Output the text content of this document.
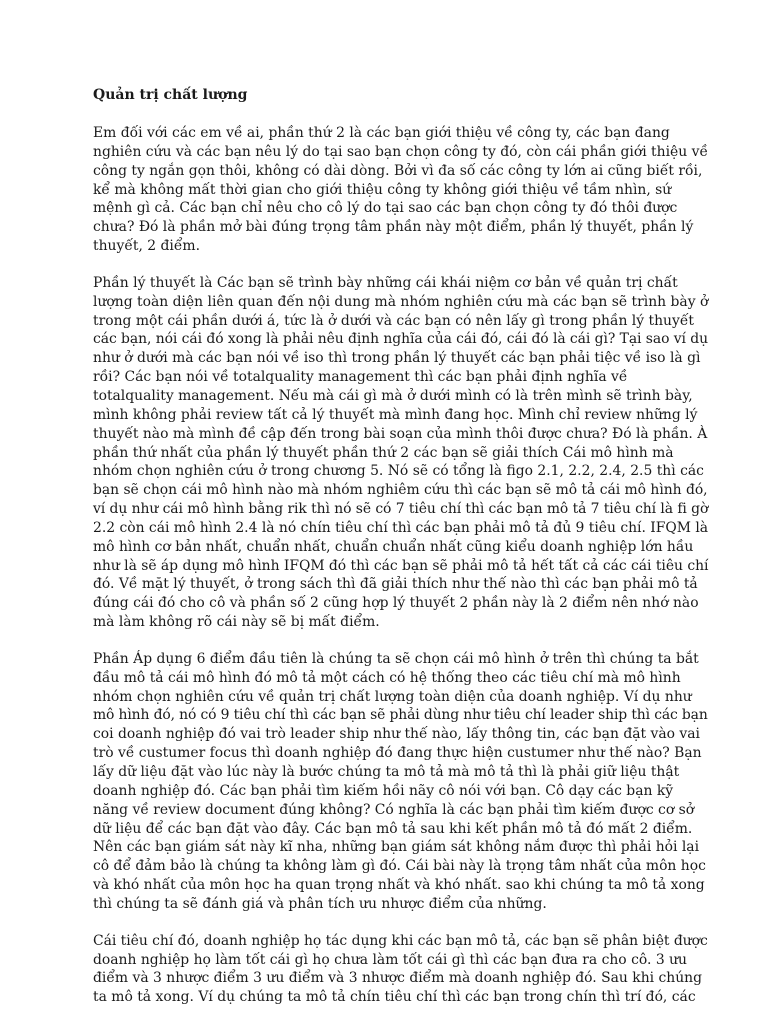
Quản trị chất lượng
Em đối với các em về ai, phần thứ 2 là các bạn giới thiệu về công ty, các bạn đang
nghiên cứu và các bạn nêu lý do tại sao bạn chọn công ty đó, còn cái phần giới thiệu về
công ty ngắn gọn thôi, không có dài dòng. Bởi vì đa số các công ty lớn ai cũng biết rồi,
kể mà không mất thời gian cho giới thiệu công ty không giới thiệu về tầm nhìn, sứ
mệnh gì cả. Các bạn chỉ nêu cho cô lý do tại sao các bạn chọn công ty đó thôi được
chưa? Đó là phần mở bài đúng trọng tâm phần này một điểm, phần lý thuyết, phần lý
thuyết, 2 điểm.
Phần lý thuyết là Các bạn sẽ trình bày những cái khái niệm cơ bản về quản trị chất
lượng toàn diện liên quan đến nội dung mà nhóm nghiên cứu mà các bạn sẽ trình bày ở
trong một cái phần dưới á, tức là ở dưới và các bạn có nên lấy gì trong phần lý thuyết
các bạn, nói cái đó xong là phải nêu định nghĩa của cái đó, cái đó là cái gì? Tại sao ví dụ
như ở dưới mà các bạn nói về iso thì trong phần lý thuyết các bạn phải tiệc về iso là gì
rồi? Các bạn nói về totalquality management thì các bạn phải định nghĩa về
totalquality management. Nếu mà cái gì mà ở dưới mình có là trên mình sẽ trình bày,
mình không phải review tất cả lý thuyết mà mình đang học. Mình chỉ review những lý
thuyết nào mà mình đề cập đến trong bài soạn của mình thôi được chưa? Đó là phần. À
phần thứ nhất của phần lý thuyết phần thứ 2 các bạn sẽ giải thích Cái mô hình mà
nhóm chọn nghiên cứu ở trong chương 5. Nó sẽ có tổng là figo 2.1, 2.2, 2.4, 2.5 thì các
bạn sẽ chọn cái mô hình nào mà nhóm nghiêm cứu thì các bạn sẽ mô tả cái mô hình đó,
ví dụ như cái mô hình bằng rik thì nó sẽ có 7 tiêu chí thì các bạn mô tả 7 tiêu chí là fi gờ
2.2 còn cái mô hình 2.4 là nó chín tiêu chí thì các bạn phải mô tả đủ 9 tiêu chí. IFQM là
mô hình cơ bản nhất, chuẩn nhất, chuẩn chuẩn nhất cũng kiểu doanh nghiệp lớn hầu
như là sẽ áp dụng mô hình IFQM đó thì các bạn sẽ phải mô tả hết tất cả các cái tiêu chí
đó. Về mặt lý thuyết, ở trong sách thì đã giải thích như thế nào thì các bạn phải mô tả
đúng cái đó cho cô và phần số 2 cũng hợp lý thuyết 2 phần này là 2 điểm nên nhớ nào
mà làm không rõ cái này sẽ bị mất điểm.
Phần Áp dụng 6 điểm đầu tiên là chúng ta sẽ chọn cái mô hình ở trên thì chúng ta bắt
đầu mô tả cái mô hình đó mô tả một cách có hệ thống theo các tiêu chí mà mô hình
nhóm chọn nghiên cứu về quản trị chất lượng toàn diện của doanh nghiệp. Ví dụ như
mô hình đó, nó có 9 tiêu chí thì các bạn sẽ phải dùng như tiêu chí leader ship thì các bạn
coi doanh nghiệp đó vai trò leader ship như thế nào, lấy thông tin, các bạn đặt vào vai
trò về custumer focus thì doanh nghiệp đó đang thực hiện custumer như thế nào? Bạn
lấy dữ liệu đặt vào lúc này là bước chúng ta mô tả mà mô tả thì là phải giữ liệu thật
doanh nghiệp đó. Các bạn phải tìm kiếm hồi nãy cô nói với bạn. Cô dạy các bạn kỹ
năng về review document đúng không? Có nghĩa là các bạn phải tìm kiếm được cơ sở
dữ liệu để các bạn đặt vào đây. Các bạn mô tả sau khi kết phần mô tả đó mất 2 điểm.
Nên các bạn giám sát này kĩ nha, những bạn giám sát không nắm được thì phải hỏi lại
cô để đảm bảo là chúng ta không làm gì đó. Cái bài này là trọng tâm nhất của môn học
và khó nhất của môn học ha quan trọng nhất và khó nhất. sao khi chúng ta mô tả xong
thì chúng ta sẽ đánh giá và phân tích ưu nhược điểm của những.
Cái tiêu chí đó, doanh nghiệp họ tác dụng khi các bạn mô tả, các bạn sẽ phân biệt được
doanh nghiệp họ làm tốt cái gì họ chưa làm tốt cái gì thì các bạn đưa ra cho cô. 3 ưu
điểm và 3 nhược điểm 3 ưu điểm và 3 nhược điểm mà doanh nghiệp đó. Sau khi chúng
ta mô tả xong. Ví dụ chúng ta mô tả chín tiêu chí thì các bạn trong chín thì trí đó, các
